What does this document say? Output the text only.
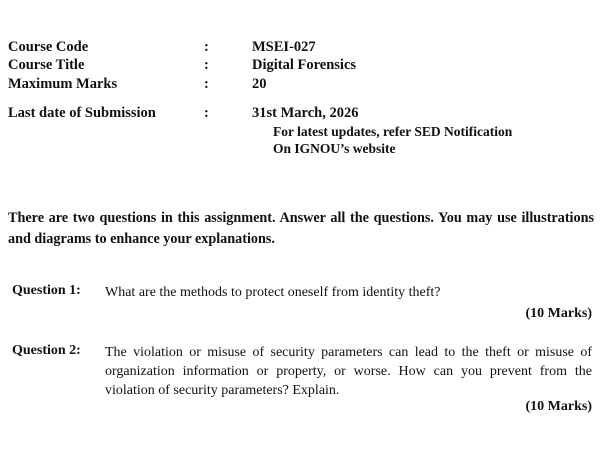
Course Code	:	MSEI-027
Course Title	:	Digital Forensics
Maximum Marks	:	20
Last date of Submission	:	31st March, 2026
For latest updates, refer SED Notification
On IGNOU’s website
There are two questions in this assignment. Answer all the questions. You may use illustrations and diagrams to enhance your explanations.
Question 1: What are the methods to protect oneself from identity theft?
(10 Marks)
Question 2: The violation or misuse of security parameters can lead to the theft or misuse of organization information or property, or worse. How can you prevent from the violation of security parameters? Explain.
(10 Marks)
